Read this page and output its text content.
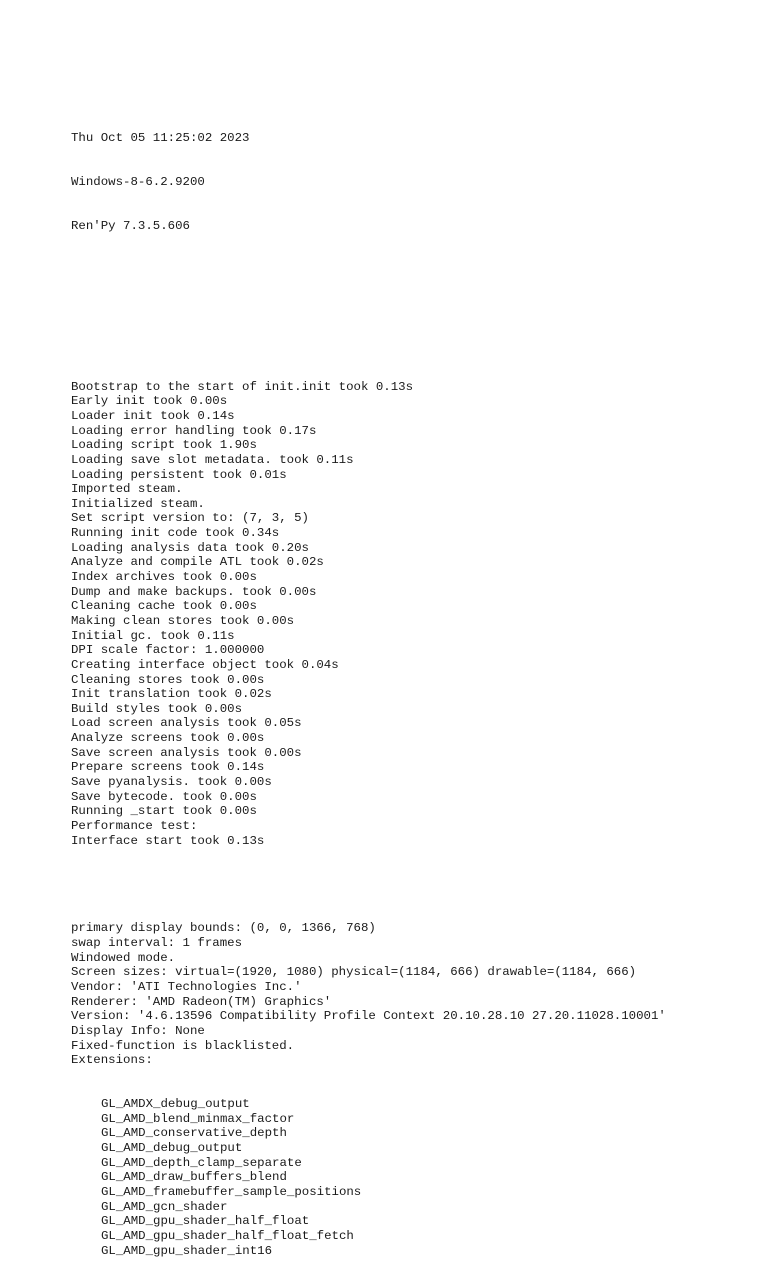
Thu Oct 05 11:25:02 2023

Windows-8-6.2.9200

Ren'Py 7.3.5.606

Bootstrap to the start of init.init took 0.13s
Early init took 0.00s
Loader init took 0.14s
Loading error handling took 0.17s
Loading script took 1.90s
Loading save slot metadata. took 0.11s
Loading persistent took 0.01s
Imported steam.
Initialized steam.
Set script version to: (7, 3, 5)
Running init code took 0.34s
Loading analysis data took 0.20s
Analyze and compile ATL took 0.02s
Index archives took 0.00s
Dump and make backups. took 0.00s
Cleaning cache took 0.00s
Making clean stores took 0.00s
Initial gc. took 0.11s
DPI scale factor: 1.000000
Creating interface object took 0.04s
Cleaning stores took 0.00s
Init translation took 0.02s
Build styles took 0.00s
Load screen analysis took 0.05s
Analyze screens took 0.00s
Save screen analysis took 0.00s
Prepare screens took 0.14s
Save pyanalysis. took 0.00s
Save bytecode. took 0.00s
Running _start took 0.00s
Performance test:
Interface start took 0.13s

primary display bounds: (0, 0, 1366, 768)
swap interval: 1 frames
Windowed mode.
Screen sizes: virtual=(1920, 1080) physical=(1184, 666) drawable=(1184, 666)
Vendor: 'ATI Technologies Inc.'
Renderer: 'AMD Radeon(TM) Graphics'
Version: '4.6.13596 Compatibility Profile Context 20.10.28.10 27.20.11028.10001'
Display Info: None
Fixed-function is blacklisted.
Extensions:

GL_AMDX_debug_output
GL_AMD_blend_minmax_factor
GL_AMD_conservative_depth
GL_AMD_debug_output
GL_AMD_depth_clamp_separate
GL_AMD_draw_buffers_blend
GL_AMD_framebuffer_sample_positions
GL_AMD_gcn_shader
GL_AMD_gpu_shader_half_float
GL_AMD_gpu_shader_half_float_fetch
GL_AMD_gpu_shader_int16
